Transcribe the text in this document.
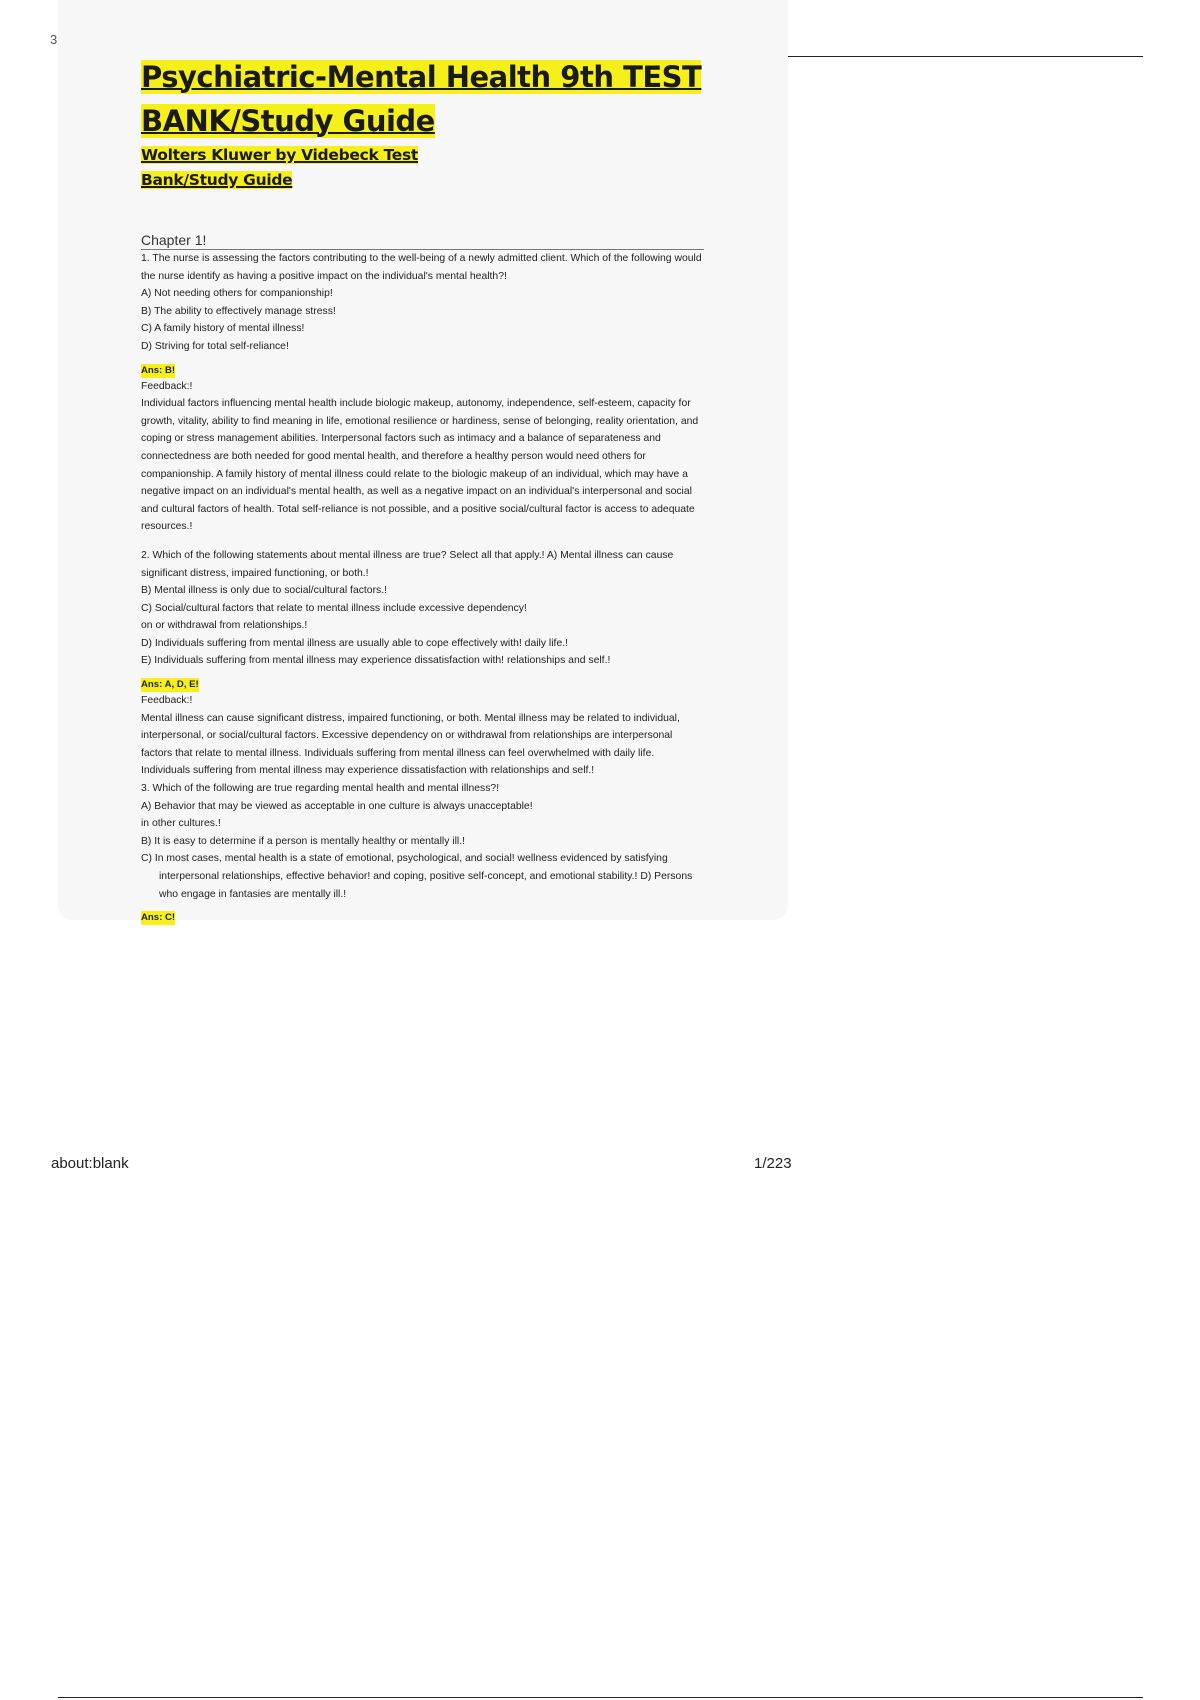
3

Psychiatric-Mental Health 9th TEST
BANK/Study Guide

Wolters Kluwer by Videbeck Test
Bank/Study Guide

Chapter 1!

1. The nurse is assessing the factors contributing to the well-being of a newly admitted client. Which of the following would the nurse identify as having a positive impact on the individual's mental health?!

A) Not needing others for companionship!

B) The ability to effectively manage stress!

C) A family history of mental illness!

D) Striving for total self-reliance!

Ans: B!

Feedback:!

Individual factors influencing mental health include biologic makeup, autonomy, independence, self-esteem, capacity for growth, vitality, ability to find meaning in life, emotional resilience or hardiness, sense of belonging, reality orientation, and coping or stress management abilities. Interpersonal factors such as intimacy and a balance of separateness and connectedness are both needed for good mental health, and therefore a healthy person would need others for companionship. A family history of mental illness could relate to the biologic makeup of an individual, which may have a negative impact on an individual's mental health, as well as a negative impact on an individual's interpersonal and social and cultural factors of health. Total self-reliance is not possible, and a positive social/cultural factor is access to adequate resources.!

2. Which of the following statements about mental illness are true? Select all that apply.! A) Mental illness can cause significant distress, impaired functioning, or both.!

B) Mental illness is only due to social/cultural factors.!

C) Social/cultural factors that relate to mental illness include excessive dependency!

on or withdrawal from relationships.!

D) Individuals suffering from mental illness are usually able to cope effectively with! daily life.!

E) Individuals suffering from mental illness may experience dissatisfaction with! relationships and self.!

Ans: A, D, E!

Feedback:!

Mental illness can cause significant distress, impaired functioning, or both. Mental illness may be related to individual, interpersonal, or social/cultural factors. Excessive dependency on or withdrawal from relationships are interpersonal factors that relate to mental illness. Individuals suffering from mental illness can feel overwhelmed with daily life. Individuals suffering from mental illness may experience dissatisfaction with relationships and self.!

3. Which of the following are true regarding mental health and mental illness?!

A) Behavior that may be viewed as acceptable in one culture is always unacceptable!

in other cultures.!

B) It is easy to determine if a person is mentally healthy or mentally ill.!

C) In most cases, mental health is a state of emotional, psychological, and social! wellness evidenced by satisfying interpersonal relationships, effective behavior! and coping, positive self-concept, and emotional stability.! D) Persons who engage in fantasies are mentally ill.!

Ans: C!
about:blank	1/223
